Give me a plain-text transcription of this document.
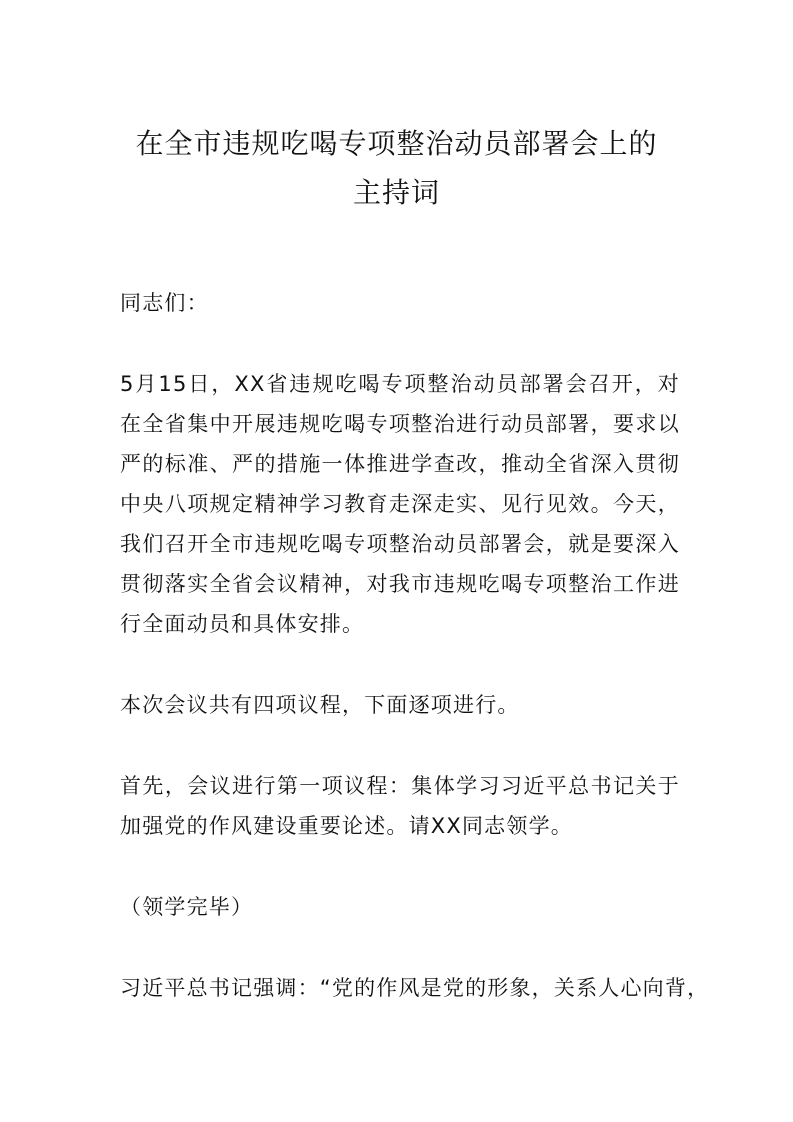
在全市违规吃喝专项整治动员部署会上的
主持词

同志们：

5月15日，XX省违规吃喝专项整治动员部署会召开，对在全省集中开展违规吃喝专项整治进行动员部署，要求以严的标准、严的措施一体推进学查改，推动全省深入贯彻中央八项规定精神学习教育走深走实、见行见效。今天，我们召开全市违规吃喝专项整治动员部署会，就是要深入贯彻落实全省会议精神，对我市违规吃喝专项整治工作进行全面动员和具体安排。

本次会议共有四项议程，下面逐项进行。

首先，会议进行第一项议程：集体学习习近平总书记关于加强党的作风建设重要论述。请XX同志领学。

（领学完毕）

习近平总书记强调：“党的作风是党的形象，关系人心向背，
